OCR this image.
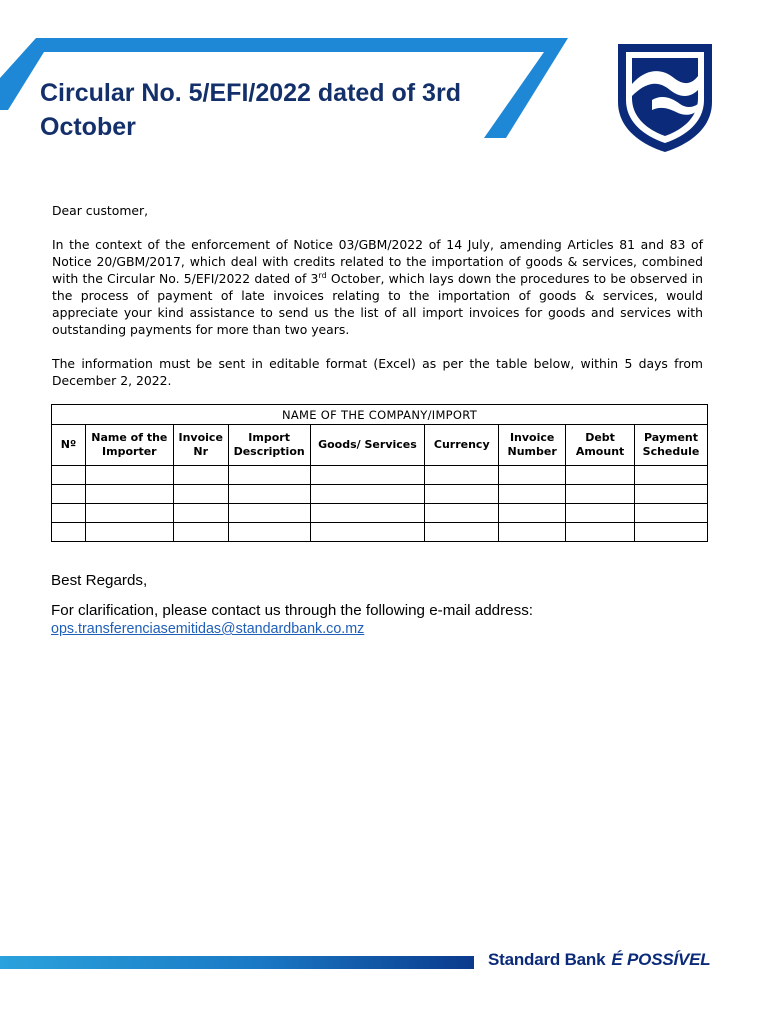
Circular No. 5/EFI/2022 dated of 3rd October

Dear customer,

In the context of the enforcement of Notice 03/GBM/2022 of 14 July, amending Articles 81 and 83 of Notice 20/GBM/2017, which deal with credits related to the importation of goods & services, combined with the Circular No. 5/EFI/2022 dated of 3rd October, which lays down the procedures to be observed in the process of payment of late invoices relating to the importation of goods & services, would appreciate your kind assistance to send us the list of all import invoices for goods and services with outstanding payments for more than two years.

The information must be sent in editable format (Excel) as per the table below, within 5 days from December 2, 2022.

NAME OF THE COMPANY/IMPORT								
Nº	Name of the Importer	Invoice Nr	Import Description	Goods/ Services	Currency	Invoice Number	Debt Amount	Payment Schedule

Best Regards,

For clarification, please contact us through the following e-mail address:

ops.transferenciasemitidas@standardbank.co.mz
Standard Bank É POSSÍVEL
